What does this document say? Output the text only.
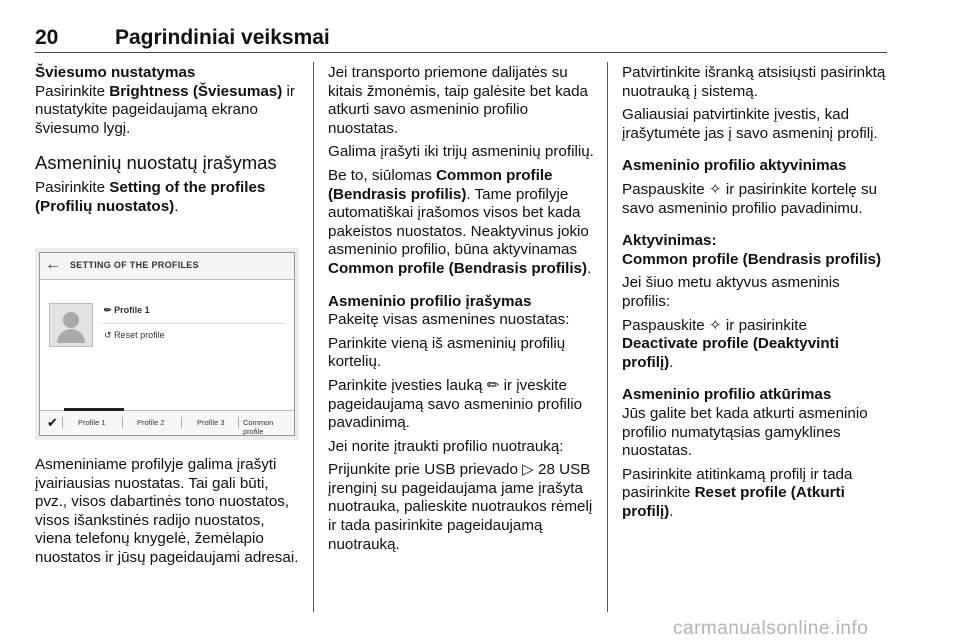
20	Pagrindiniai veiksmai

Šviesumo nustatymas

Pasirinkite Brightness (Šviesumas) ir nustatykite pageidaujamą ekrano šviesumo lygį.

Asmeninių nuostatų įrašymas

Pasirinkite Setting of the profiles (Profilių nuostatos).

← SETTING OF THE PROFILES
✏ Profile 1
↺ Reset profile
✔	Profile 1	Profile 2	Profile 3 Common profile

Asmeniniame profilyje galima įrašyti įvairiausias nuostatas. Tai gali būti, pvz., visos dabartinės tono nuostatos, visos išankstinės radijo nuostatos, viena telefonų knygelė, žemėlapio nuostatos ir jūsų pageidaujami adresai.

Jei transporto priemone dalijatės su kitais žmonėmis, taip galėsite bet kada atkurti savo asmeninio profilio nuostatas.

Galima įrašyti iki trijų asmeninių profilių.

Be to, siūlomas Common profile (Bendrasis profilis). Tame profilyje automatiškai įrašomos visos bet kada pakeistos nuostatos. Neaktyvinus jokio asmeninio profilio, būna aktyvinamas Common profile (Bendrasis profilis).

Asmeninio profilio įrašymas

Pakeitę visas asmenines nuostatas:

Parinkite vieną iš asmeninių profilių kortelių.

Parinkite įvesties lauką ✏ ir įveskite pageidaujamą savo asmeninio profilio pavadinimą.

Jei norite įtraukti profilio nuotrauką:

Prijunkite prie USB prievado ▷ 28 USB įrenginį su pageidaujama jame įrašyta nuotrauka, palieskite nuotraukos rėmelį ir tada pasirinkite pageidaujamą nuotrauką.

Patvirtinkite išranką atsisiųsti pasirinktą nuotrauką į sistemą.

Galiausiai patvirtinkite įvestis, kad įrašytumėte jas į savo asmeninį profilį.

Asmeninio profilio aktyvinimas

Paspauskite ✧ ir pasirinkite kortelę su savo asmeninio profilio pavadinimu.

Aktyvinimas:

Common profile (Bendrasis profilis)

Jei šiuo metu aktyvus asmeninis profilis:

Paspauskite ✧ ir pasirinkite
Deactivate profile (Deaktyvinti profilį).

Asmeninio profilio atkūrimas

Jūs galite bet kada atkurti asmeninio profilio numatytąsias gamyklines nuostatas.

Pasirinkite atitinkamą profilį ir tada pasirinkite Reset profile (Atkurti profilį).

carmanualsonline.info
